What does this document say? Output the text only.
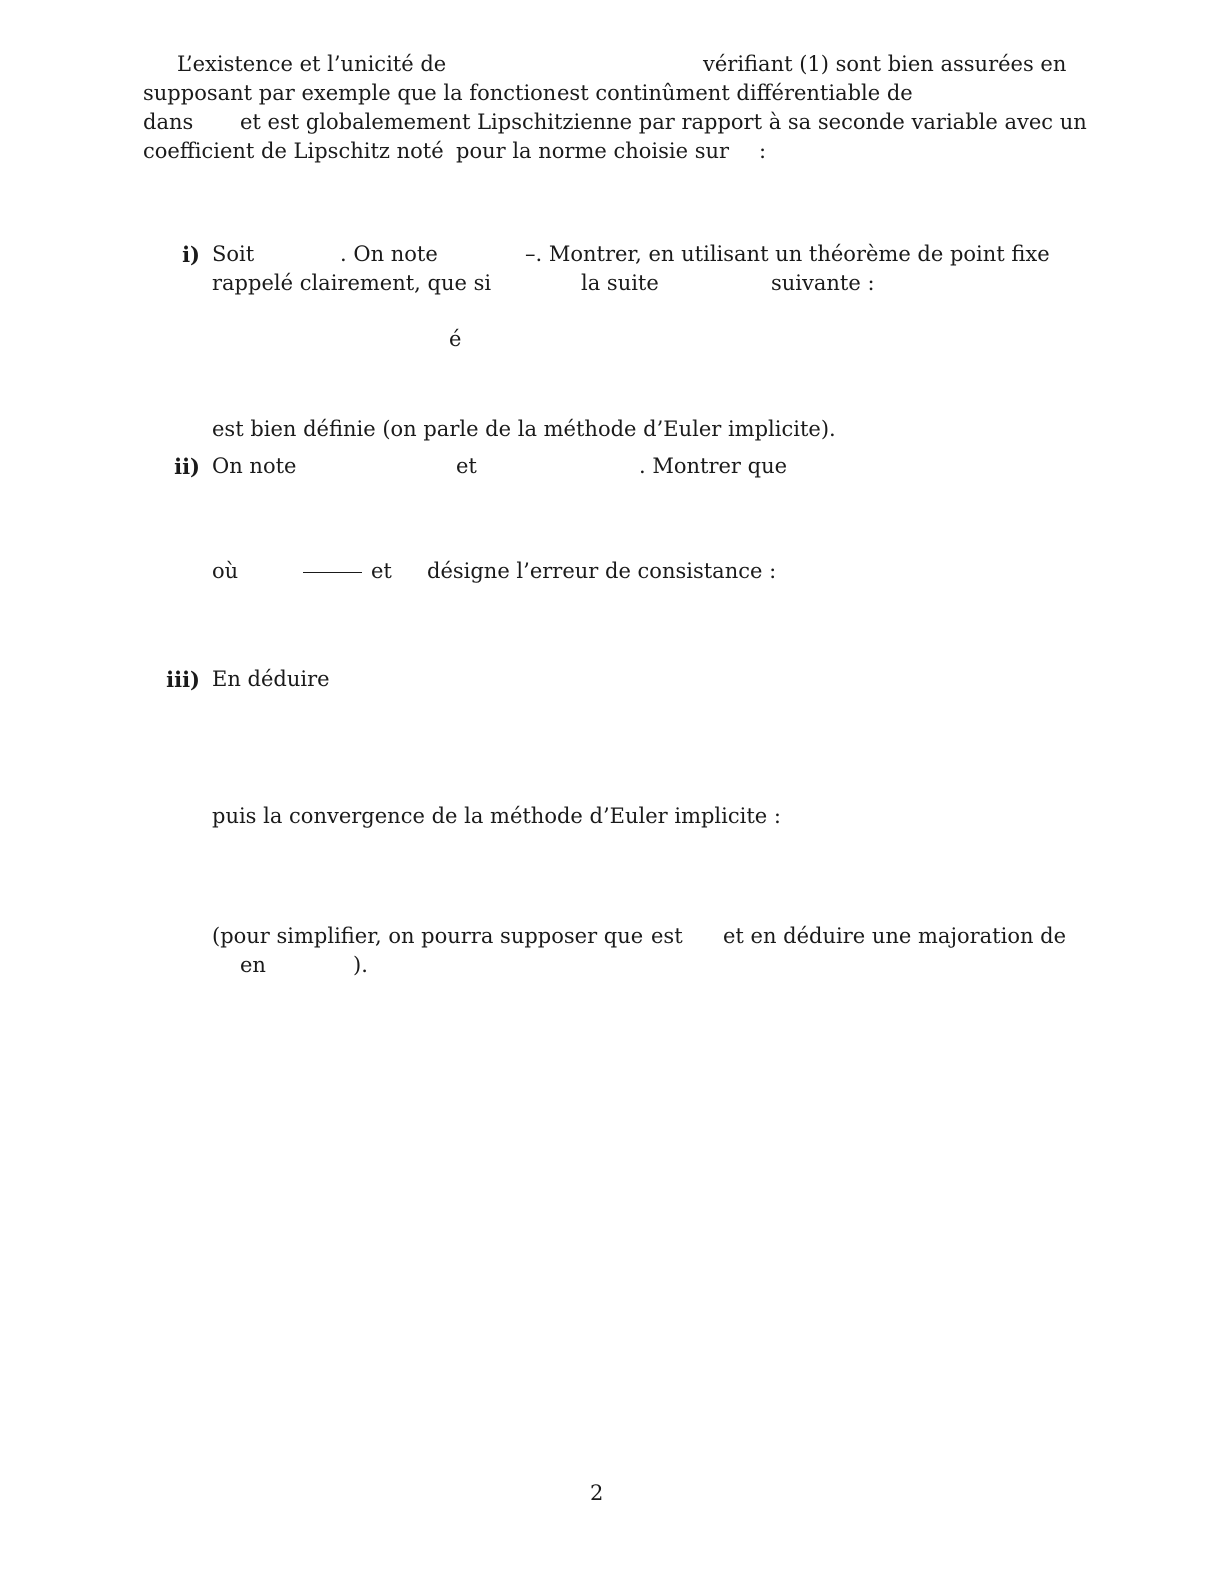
L’existence et l’unicité de	vérifiant (1) sont bien assurées en
supposant par exemple que la fonction est continûment différentiable de
dans et est globalemement Lipschitzienne par rapport à sa seconde variable avec un
coefficient de Lipschitz noté pour la norme choisie sur :
i) Soit	. On note	–. Montrer, en utilisant un théorème de point fixe
rappelé clairement, que si	la suite	suivante :
é
est bien définie (on parle de la méthode d’Euler implicite).
ii) On note	et	. Montrer que
où	et désigne l’erreur de consistance :
iii) En déduire
puis la convergence de la méthode d’Euler implicite :
(pour simplifier, on pourra supposer que est et en déduire une majoration de
en	).
2
